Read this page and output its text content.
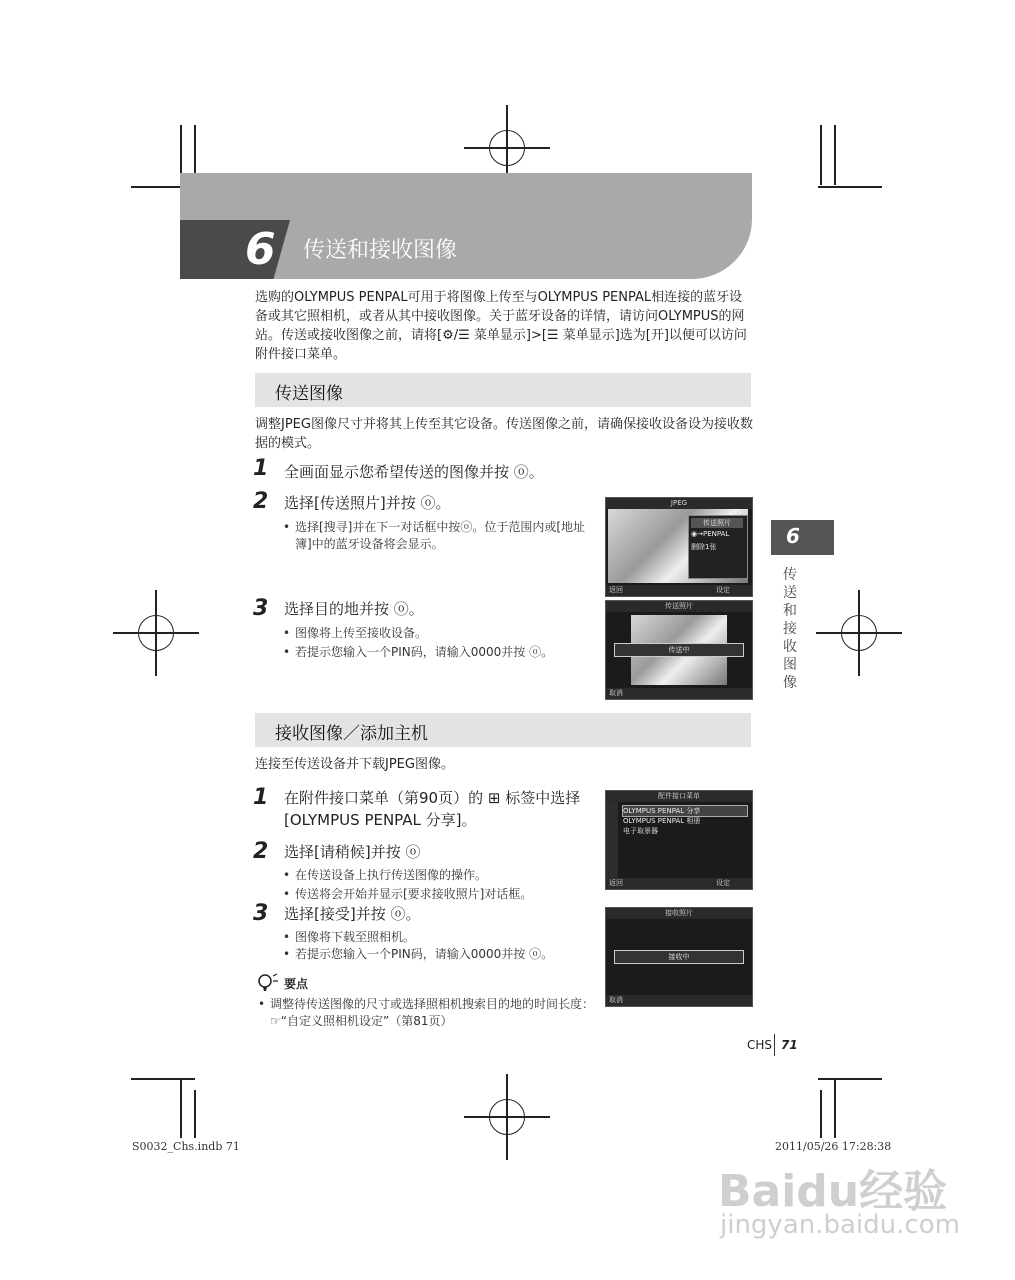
6 传送和接收图像
选购的OLYMPUS PENPAL可用于将图像上传至与OLYMPUS PENPAL相连接的蓝牙设备或其它照相机，或者从其中接收图像。关于蓝牙设备的详情，请访问OLYMPUS的网站。传送或接收图像之前，请将[⚙/☰ 菜单显示]>[☰ 菜单显示]选为[开]以便可以访问附件接口菜单。
传送图像
调整JPEG图像尺寸并将其上传至其它设备。传送图像之前，请确保接收设备设为接收数据的模式。
1 全画面显示您希望传送的图像并按 ⓞ。
2 选择[传送照片]并按 ⓞ。
• 选择[搜寻]并在下一对话框中按ⓞ。位于范围内或[地址簿]中的蓝牙设备将会显示。
3 选择目的地并按 ⓞ。
• 图像将上传至接收设备。
• 若提示您输入一个PIN码，请输入0000并按 ⓞ。
JPEG
传送照片
◉→PENPAL
删除1张
返回	设定
传送照片
传送中
取消
接收图像／添加主机
连接至传送设备并下载JPEG图像。
1 在附件接口菜单（第90页）的 ⊞ 标签中选择[OLYMPUS PENPAL 分享]。
2 选择[请稍候]并按 ⓞ
• 在传送设备上执行传送图像的操作。
• 传送将会开始并显示[要求接收照片]对话框。
3 选择[接受]并按 ⓞ。
• 图像将下载至照相机。
• 若提示您输入一个PIN码，请输入0000并按 ⓞ。
配件接口菜单
OLYMPUS PENPAL 分享
OLYMPUS PENPAL 相册
电子取景器
返回	设定
接收照片
接收中
取消
要点
• 调整待传送图像的尺寸或选择照相机搜索目的地的时间长度：☞“自定义照相机设定”（第81页）
6
传送和接收图像
CHS 71
S0032_Chs.indb 71	2011/05/26 17:28:38
Baidu经验
jingyan.baidu.com
